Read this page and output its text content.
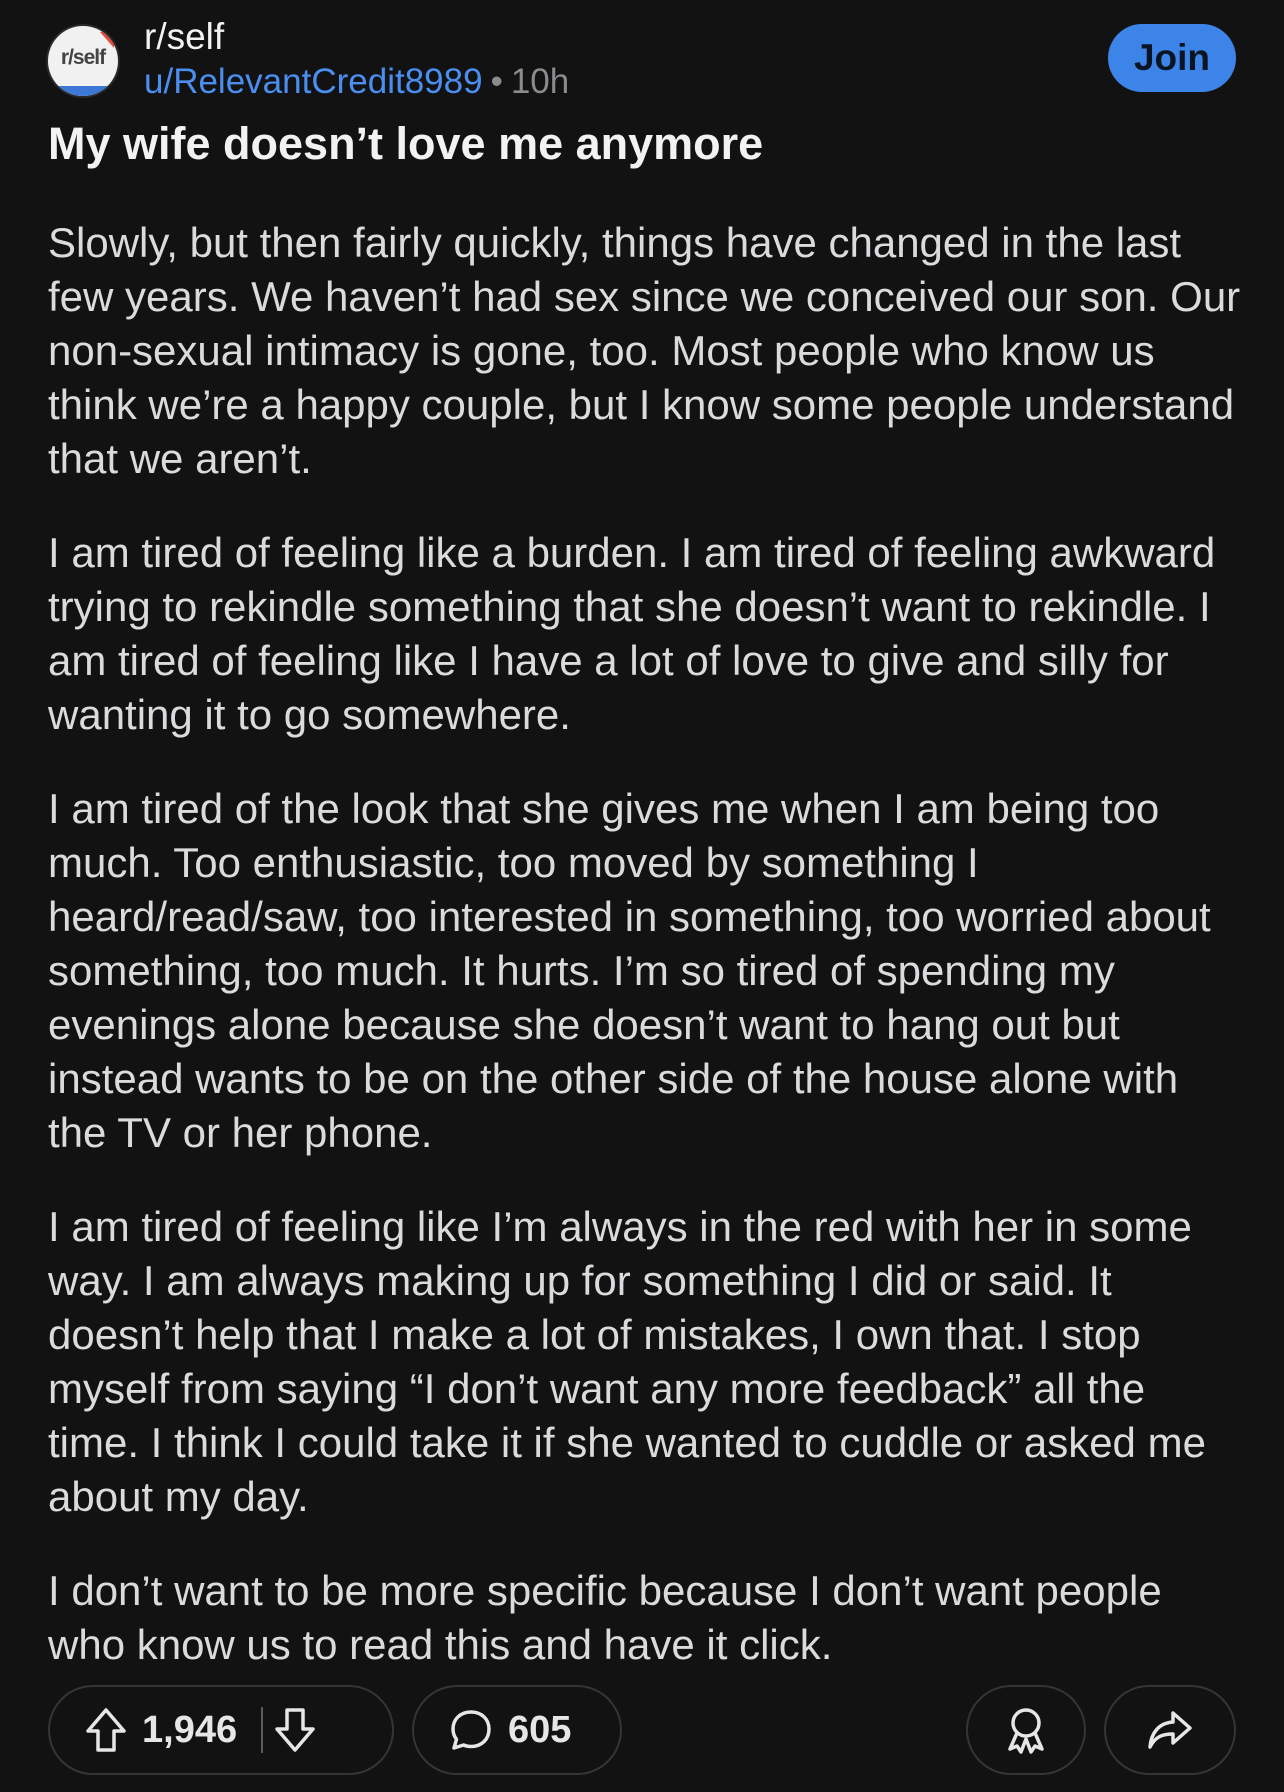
r/self
r/self
u/RelevantCredit8989 • 10h
Join
My wife doesn’t love me anymore

Slowly, but then fairly quickly, things have changed in the last few years. We haven’t had sex since we conceived our son. Our non-sexual intimacy is gone, too. Most people who know us think we’re a happy couple, but I know some people understand that we aren’t.

I am tired of feeling like a burden. I am tired of feeling awkward trying to rekindle something that she doesn’t want to rekindle. I am tired of feeling like I have a lot of love to give and silly for wanting it to go somewhere.

I am tired of the look that she gives me when I am being too much. Too enthusiastic, too moved by something I heard/read/saw, too interested in something, too worried about something, too much. It hurts. I’m so tired of spending my evenings alone because she doesn’t want to hang out but instead wants to be on the other side of the house alone with the TV or her phone.

I am tired of feeling like I’m always in the red with her in some way. I am always making up for something I did or said. It doesn’t help that I make a lot of mistakes, I own that. I stop myself from saying “I don’t want any more feedback” all the time. I think I could take it if she wanted to cuddle or asked me about my day.

I don’t want to be more specific because I don’t want people who know us to read this and have it click.

1,946	605
